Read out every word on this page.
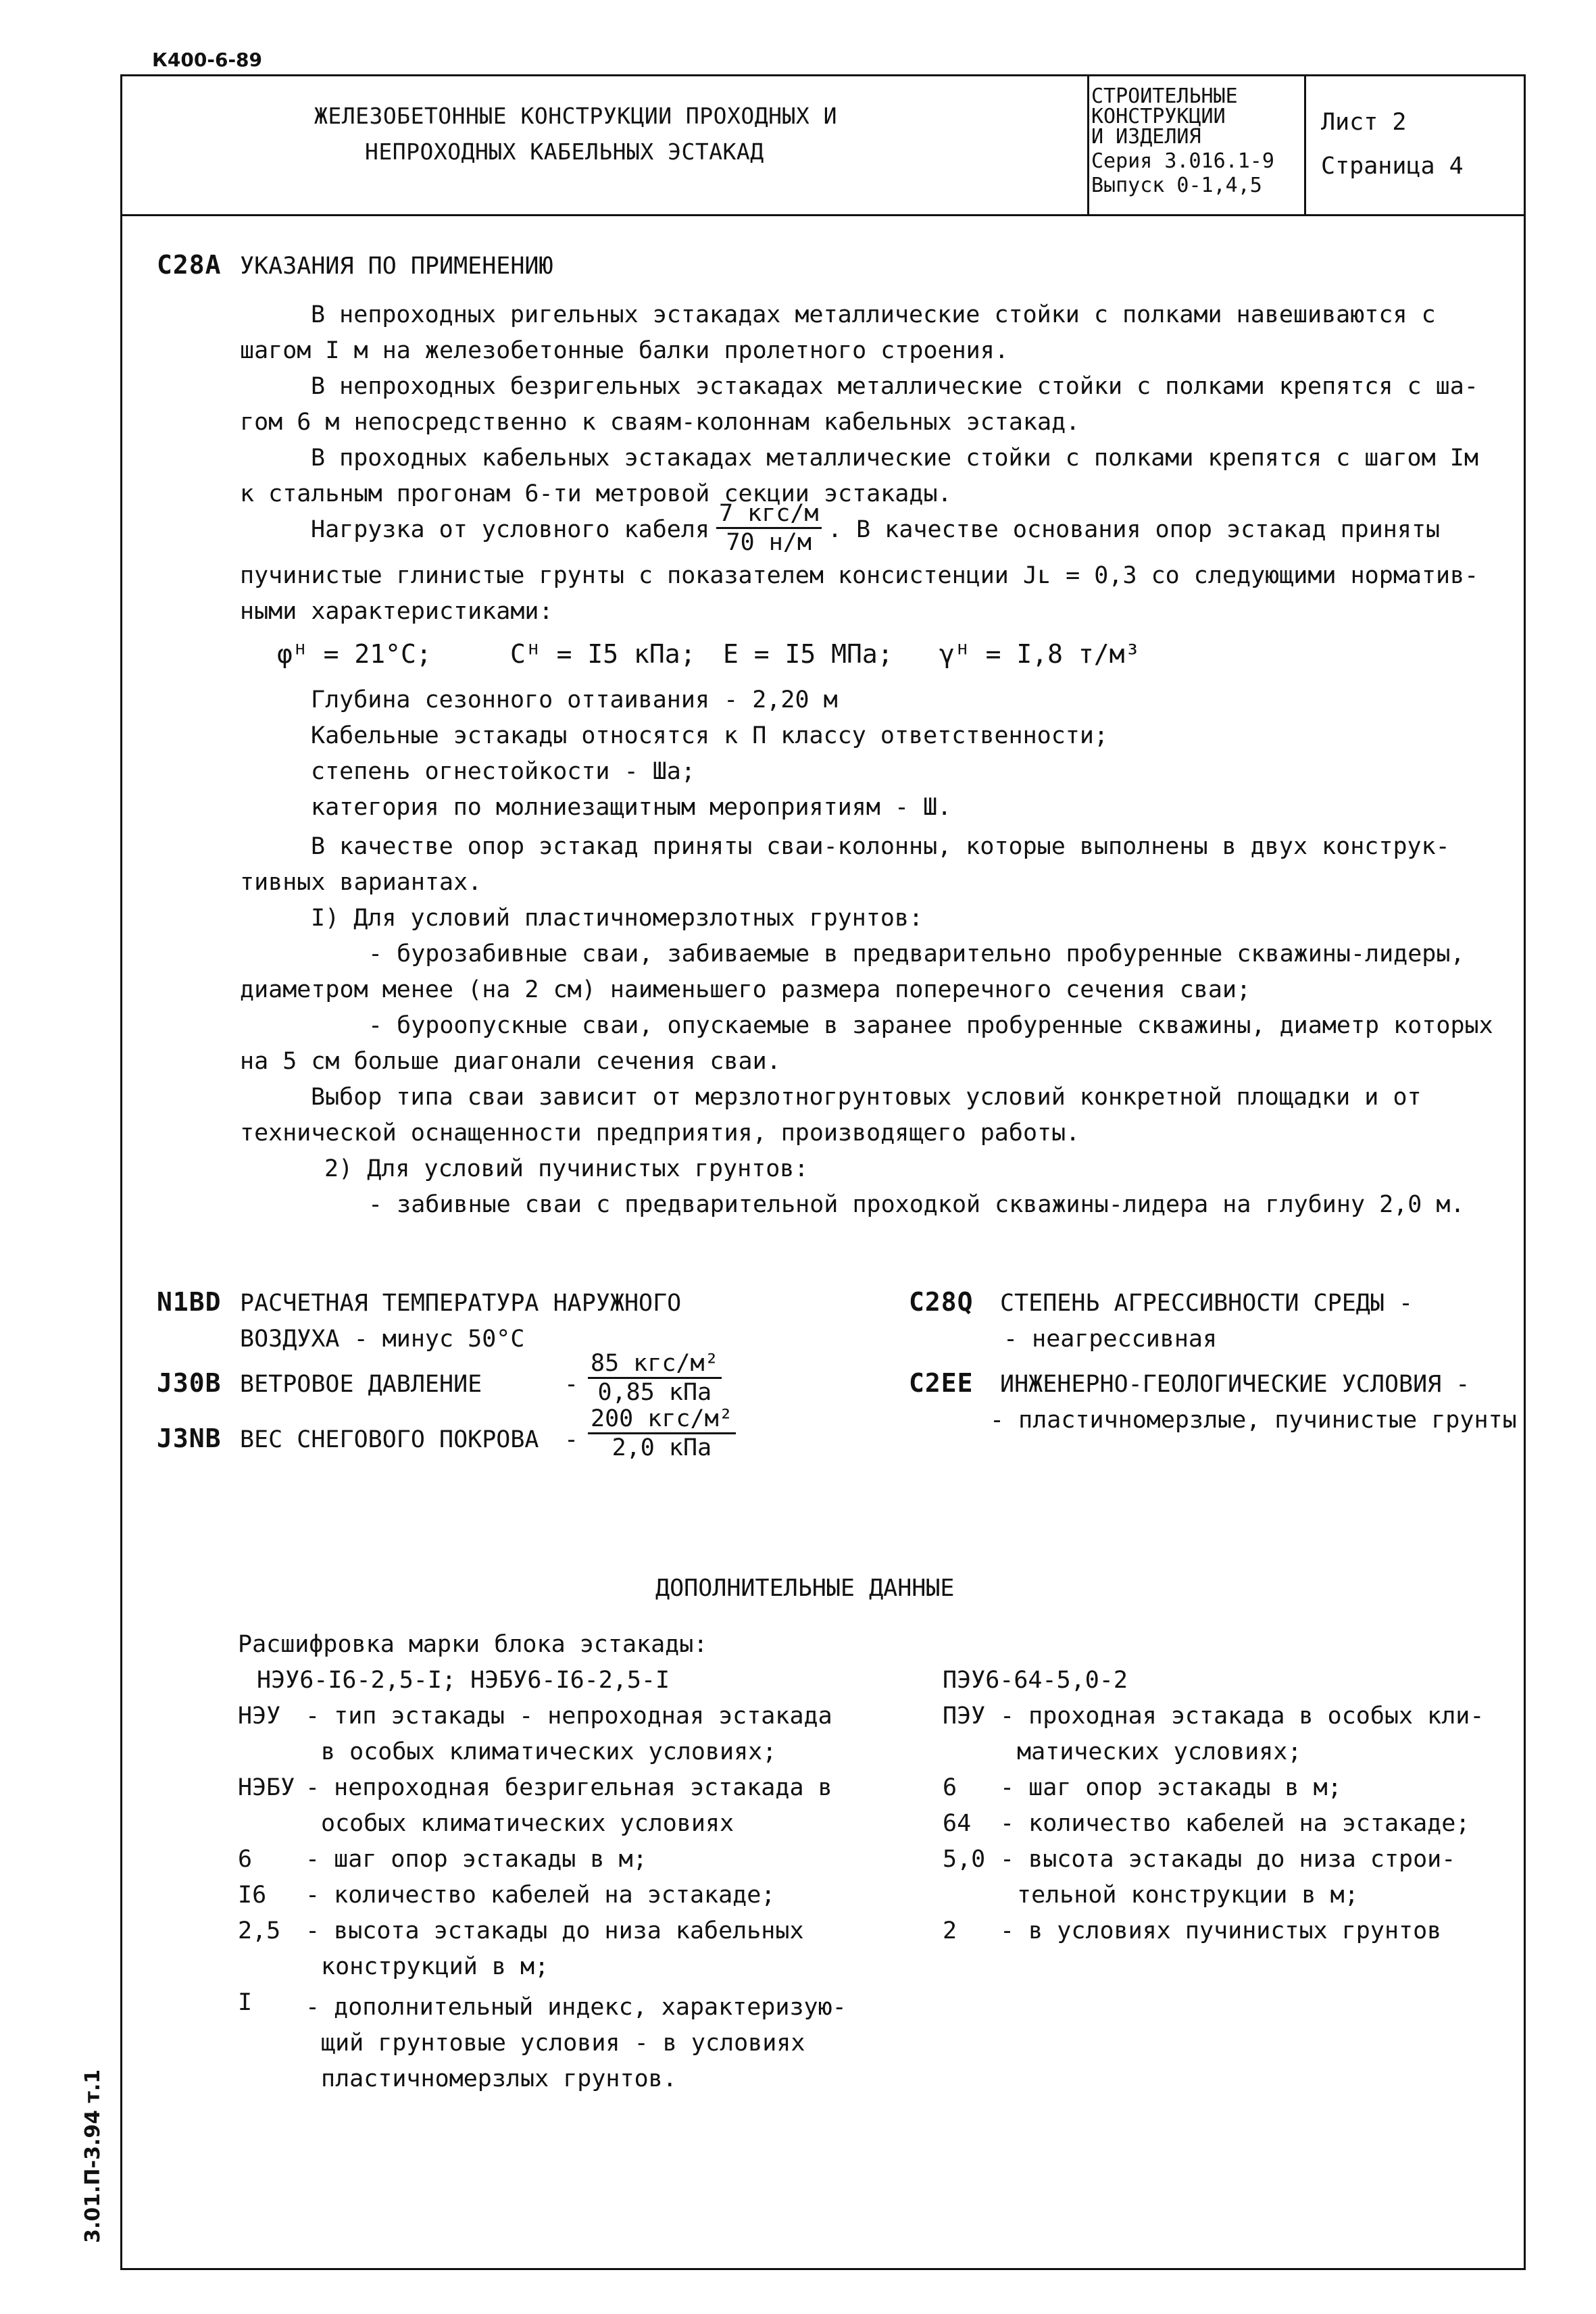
К400-6-89
ЖЕЛЕЗОБЕТОННЫЕ КОНСТРУКЦИИ ПРОХОДНЫХ И
НЕПРОХОДНЫХ КАБЕЛЬНЫХ ЭСТАКАД
СТРОИТЕЛЬНЫЕ
КОНСТРУКЦИИ
И ИЗДЕЛИЯ
Серия 3.016.1-9
Выпуск 0-1,4,5
Лист 2
Страница 4
C28A УКАЗАНИЯ ПО ПРИМЕНЕНИЮ
В непроходных ригельных эстакадах металлические стойки с полками навешиваются с
шагом I м на железобетонные балки пролетного строения.
В непроходных безригельных эстакадах металлические стойки с полками крепятся с ша-
гом 6 м непосредственно к сваям-колоннам кабельных эстакад.
В проходных кабельных эстакадах металлические стойки с полками крепятся с шагом Iм
к стальным прогонам 6-ти метровой секции эстакады.
Нагрузка от условного кабеля
7 кгс/м
70 н/м . В качестве основания опор эстакад приняты
пучинистые глинистые грунты с показателем консистенции Jʟ = 0,3 со следующими норматив-
ными характеристиками:
φᴴ = 21°С;	Сᴴ = I5 кПа; Е = I5 МПа; γᴴ = I,8 т/м³
Глубина сезонного оттаивания - 2,20 м
Кабельные эстакады относятся к П классу ответственности;
степень огнестойкости - Шa;
категория по молниезащитным мероприятиям - Ш.
В качестве опор эстакад приняты сваи-колонны, которые выполнены в двух конструк-
тивных вариантах.
I) Для условий пластичномерзлотных грунтов:
- бурозабивные сваи, забиваемые в предварительно пробуренные скважины-лидеры,
диаметром менее (на 2 см) наименьшего размера поперечного сечения сваи;
- буроопускные сваи, опускаемые в заранее пробуренные скважины, диаметр которых
на 5 см больше диагонали сечения сваи.
Выбор типа сваи зависит от мерзлотногрунтовых условий конкретной площадки и от
технической оснащенности предприятия, производящего работы.
2) Для условий пучинистых грунтов:
- забивные сваи с предварительной проходкой скважины-лидера на глубину 2,0 м.
N1BD РАСЧЕТНАЯ ТЕМПЕРАТУРА НАРУЖНОГО
ВОЗДУХА - минус 50°С
J30B ВЕТРОВОЕ ДАВЛЕНИЕ	-
85 кгс/м²
0,85 кПа
J3NB ВЕС СНЕГОВОГО ПОКРОВА -
200 кгс/м²
2,0 кПа
C28Q СТЕПЕНЬ АГРЕССИВНОСТИ СРЕДЫ -
- неагрессивная
C2EE ИНЖЕНЕРНО-ГЕОЛОГИЧЕСКИЕ УСЛОВИЯ -
- пластичномерзлые, пучинистые грунты
ДОПОЛНИТЕЛЬНЫЕ ДАННЫЕ
Расшифровка марки блока эстакады:
НЭУ6-I6-2,5-I; НЭБУ6-I6-2,5-I	ПЭУ6-64-5,0-2
НЭУ - тип эстакады - непроходная эстакада
в особых климатических условиях;
НЭБУ - непроходная безригельная эстакада в
особых климатических условиях
6 - шаг опор эстакады в м;
I6 - количество кабелей на эстакаде;
2,5 - высота эстакады до низа кабельных
конструкций в м;
I - дополнительный индекс, характеризую-
щий грунтовые условия - в условиях
пластичномерзлых грунтов.
ПЭУ - проходная эстакада в особых кли-
матических условиях;
6 - шаг опор эстакады в м;
64 - количество кабелей на эстакаде;
5,0 - высота эстакады до низа строи-
тельной конструкции в м;
2 - в условиях пучинистых грунтов
3.01.П-3.94 т.1
